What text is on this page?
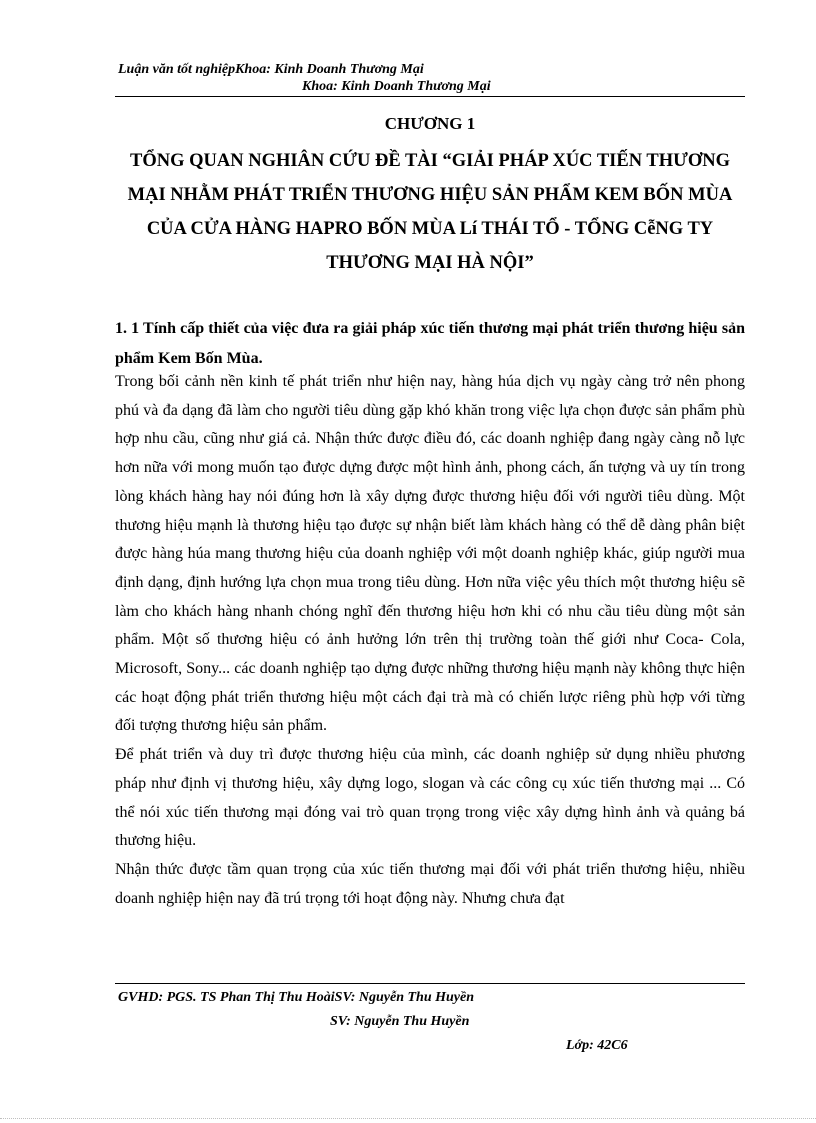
Luận văn tốt nghiệpKhoa: Kinh Doanh Thương Mại
Khoa: Kinh Doanh Thương Mại
CHƯƠNG 1
TỔNG QUAN NGHIÂN CỨU ĐỀ TÀI “GIẢI PHÁP XÚC TIẾN THƯƠNG MẠI NHẰM PHÁT TRIỂN THƯƠNG HIỆU SẢN PHẨM KEM BỐN MÙA CỦA CỬA HÀNG HAPRO BỐN MÙA Lí THÁI TỔ - TỔNG CễNG TY THƯƠNG MẠI HÀ NỘI”
1. 1 Tính cấp thiết của việc đưa ra giải pháp xúc tiến thương mại phát triển thương hiệu sản phẩm Kem Bốn Mùa.

Trong bối cảnh nền kinh tế phát triển như hiện nay, hàng húa dịch vụ ngày càng trở nên phong phú và đa dạng đã làm cho người tiêu dùng gặp khó khăn trong việc lựa chọn được sản phẩm phù hợp nhu cầu, cũng như giá cả. Nhận thức được điều đó, các doanh nghiệp đang ngày càng nỗ lực hơn nữa với mong muốn tạo được dựng được một hình ảnh, phong cách, ấn tượng và uy tín trong lòng khách hàng hay nói đúng hơn là xây dựng được thương hiệu đối với người tiêu dùng. Một thương hiệu mạnh là thương hiệu tạo được sự nhận biết làm khách hàng có thể dễ dàng phân biệt được hàng húa mang thương hiệu của doanh nghiệp với một doanh nghiệp khác, giúp người mua định dạng, định hướng lựa chọn mua trong tiêu dùng. Hơn nữa việc yêu thích một thương hiệu sẽ làm cho khách hàng nhanh chóng nghĩ đến thương hiệu hơn khi có nhu cầu tiêu dùng một sản phẩm. Một số thương hiệu có ảnh hưởng lớn trên thị trường toàn thế giới như Coca- Cola, Microsoft, Sony... các doanh nghiệp tạo dựng được những thương hiệu mạnh này không thực hiện các hoạt động phát triển thương hiệu một cách đại trà mà có chiến lược riêng phù hợp với từng đối tượng thương hiệu sản phẩm.

Để phát triển và duy trì được thương hiệu của mình, các doanh nghiệp sử dụng nhiều phương pháp như định vị thương hiệu, xây dựng logo, slogan và các công cụ xúc tiến thương mại ... Có thể nói xúc tiến thương mại đóng vai trò quan trọng trong việc xây dựng hình ảnh và quảng bá thương hiệu.

Nhận thức được tầm quan trọng của xúc tiến thương mại đối với phát triển thương hiệu, nhiều doanh nghiệp hiện nay đã trú trọng tới hoạt động này. Nhưng chưa đạt

GVHD: PGS. TS Phan Thị Thu HoàiSV: Nguyễn Thu Huyền
SV: Nguyễn Thu Huyền
Lớp: 42C6
